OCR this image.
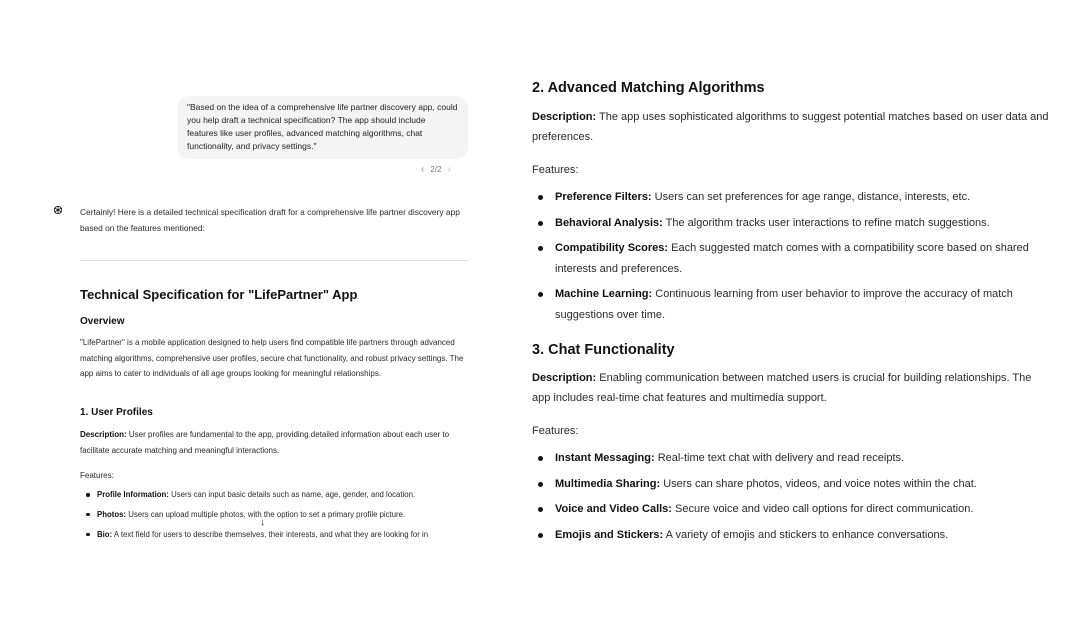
"Based on the idea of a comprehensive life partner discovery app, could you help draft a technical specification? The app should include features like user profiles, advanced matching algorithms, chat functionality, and privacy settings."
‹ 2/2 ›
Certainly! Here is a detailed technical specification draft for a comprehensive life partner discovery app based on the features mentioned:
Technical Specification for "LifePartner" App
Overview
"LifePartner" is a mobile application designed to help users find compatible life partners through advanced matching algorithms, comprehensive user profiles, secure chat functionality, and robust privacy settings. The app aims to cater to individuals of all age groups looking for meaningful relationships.
1. User Profiles
Description: User profiles are fundamental to the app, providing detailed information about each user to facilitate accurate matching and meaningful interactions.
Features:
Profile Information: Users can input basic details such as name, age, gender, and location.
Photos: Users can upload multiple photos, with the option to set a primary profile picture.
Bio: A text field for users to describe themselves, their interests, and what they are looking for in
↓
2. Advanced Matching Algorithms
Description: The app uses sophisticated algorithms to suggest potential matches based on user data and preferences.
Features:
Preference Filters: Users can set preferences for age range, distance, interests, etc.
Behavioral Analysis: The algorithm tracks user interactions to refine match suggestions.
Compatibility Scores: Each suggested match comes with a compatibility score based on shared interests and preferences.
Machine Learning: Continuous learning from user behavior to improve the accuracy of match suggestions over time.
3. Chat Functionality
Description: Enabling communication between matched users is crucial for building relationships. The app includes real-time chat features and multimedia support.
Features:
Instant Messaging: Real-time text chat with delivery and read receipts.
Multimedia Sharing: Users can share photos, videos, and voice notes within the chat.
Voice and Video Calls: Secure voice and video call options for direct communication.
Emojis and Stickers: A variety of emojis and stickers to enhance conversations.
